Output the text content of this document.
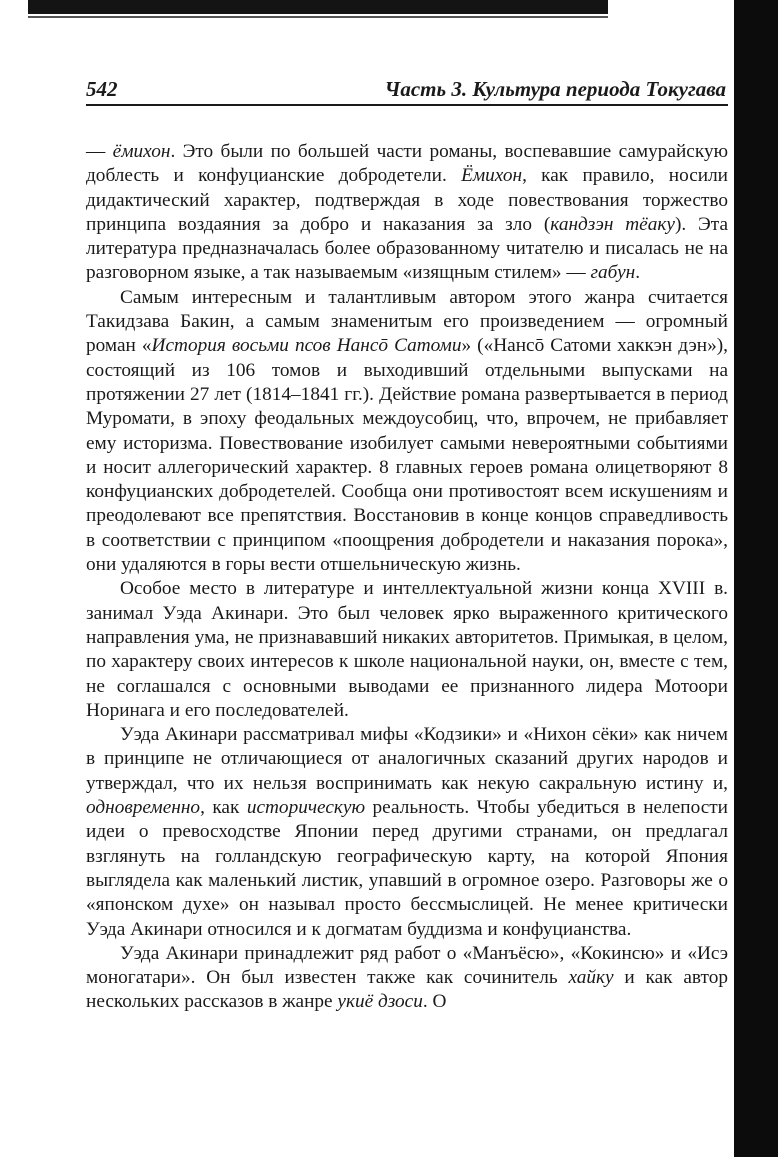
542	Часть 3. Культура периода Токугава

— ёмихон. Это были по большей части романы, воспевавшие самурайскую доблесть и конфуцианские добродетели. Ёмихон, как правило, носили дидактический характер, подтверждая в ходе повествования торжество принципа воздаяния за добро и наказания за зло (кандзэн тёаку). Эта литература предназначалась более образованному читателю и писалась не на разговорном языке, а так называемым «изящным стилем» — габун.

Самым интересным и талантливым автором этого жанра считается Такидзава Бакин, а самым знаменитым его произведением — огромный роман «История восьми псов Нансō Сатоми» («Нансō Сатоми хаккэн дэн»), состоящий из 106 томов и выходивший отдельными выпусками на протяжении 27 лет (1814–1841 гг.). Действие романа развертывается в период Муромати, в эпоху феодальных междоусобиц, что, впрочем, не прибавляет ему историзма. Повествование изобилует самыми невероятными событиями и носит аллегорический характер. 8 главных героев романа олицетворяют 8 конфуцианских добродетелей. Сообща они противостоят всем искушениям и преодолевают все препятствия. Восстановив в конце концов справедливость в соответствии с принципом «поощрения добродетели и наказания порока», они удаляются в горы вести отшельническую жизнь.

Особое место в литературе и интеллектуальной жизни конца XVIII в. занимал Уэда Акинари. Это был человек ярко выраженного критического направления ума, не признававший никаких авторитетов. Примыкая, в целом, по характеру своих интересов к школе национальной науки, он, вместе с тем, не соглашался с основными выводами ее признанного лидера Мотоори Норинага и его последователей.

Уэда Акинари рассматривал мифы «Кодзики» и «Нихон сёки» как ничем в принципе не отличающиеся от аналогичных сказаний других народов и утверждал, что их нельзя воспринимать как некую сакральную истину и, одновременно, как историческую реальность. Чтобы убедиться в нелепости идеи о превосходстве Японии перед другими странами, он предлагал взглянуть на голландскую географическую карту, на которой Япония выглядела как маленький листик, упавший в огромное озеро. Разговоры же о «японском духе» он называл просто бессмыслицей. Не менее критически Уэда Акинари относился и к догматам буддизма и конфуцианства.

Уэда Акинари принадлежит ряд работ о «Манъёсю», «Кокинсю» и «Исэ моногатари». Он был известен также как сочинитель хайку и как автор нескольких рассказов в жанре укиё дзоси. О
